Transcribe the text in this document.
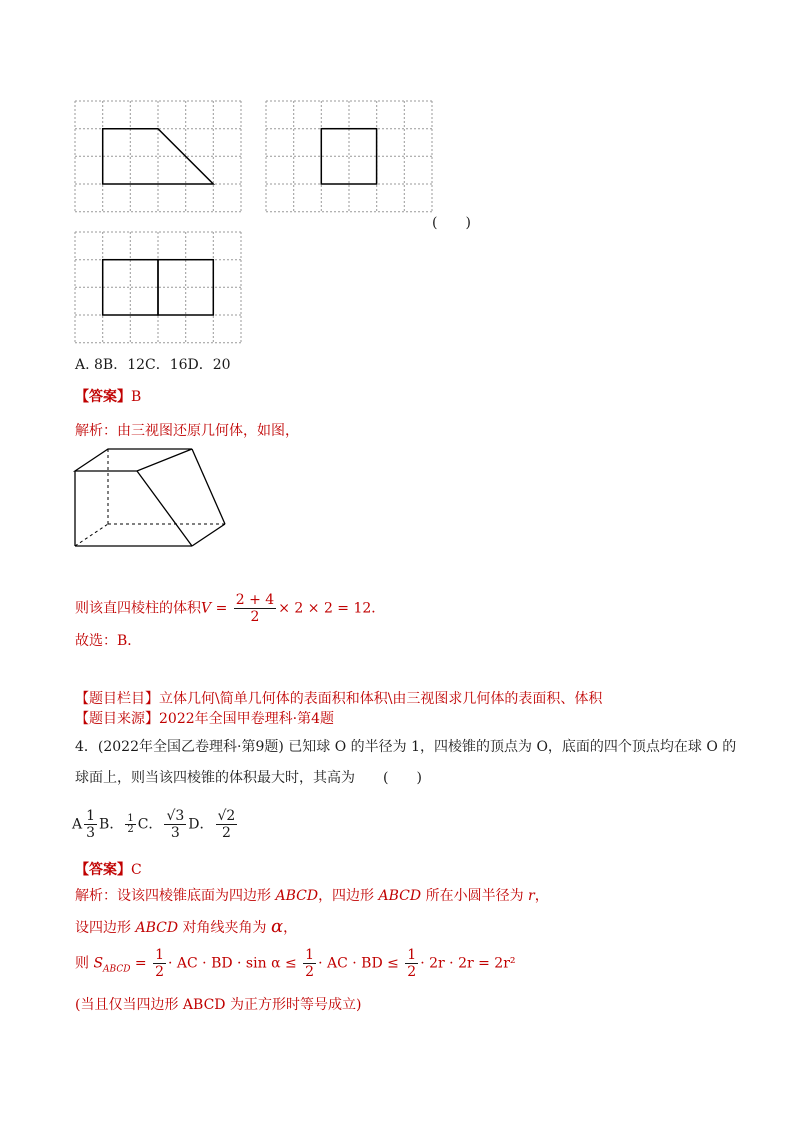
(　　)
A. 8B．12C．16D．20
【答案】B
解析：由三视图还原几何体，如图，
则该直四棱柱的体积$V = \frac{2 + 4}{2} \times 2 \times 2 = 12$．
故选：B．
【题目栏目】立体几何\简单几何体的表面积和体积\由三视图求几何体的表面积、体积
【题目来源】2022年全国甲卷理科·第4题
4．(2022年全国乙卷理科·第9题) 已知球 O 的半径为 1，四棱锥的顶点为 O，底面的四个顶点均在球 O 的
球面上，则当该四棱锥的体积最大时，其高为　　(　　)
A $\frac{1}{3}$ B． $\frac{1}{2}$ C． $\frac{√3}{3}$ D． $\frac{√2}{2}$
【答案】C
解析：设该四棱锥底面为四边形 ABCD，四边形 ABCD 所在小圆半径为 r，
设四边形 ABCD 对角线夹角为 α，
则 $S_{ABCD} = \frac{1}{2}$ · AC · BD · $\sin \alpha \le \frac{1}{2}$ · AC · BD ≤ $\frac{1}{2} \cdot 2r \cdot 2r = 2r^2$
(当且仅当四边形 ABCD 为正方形时等号成立)
